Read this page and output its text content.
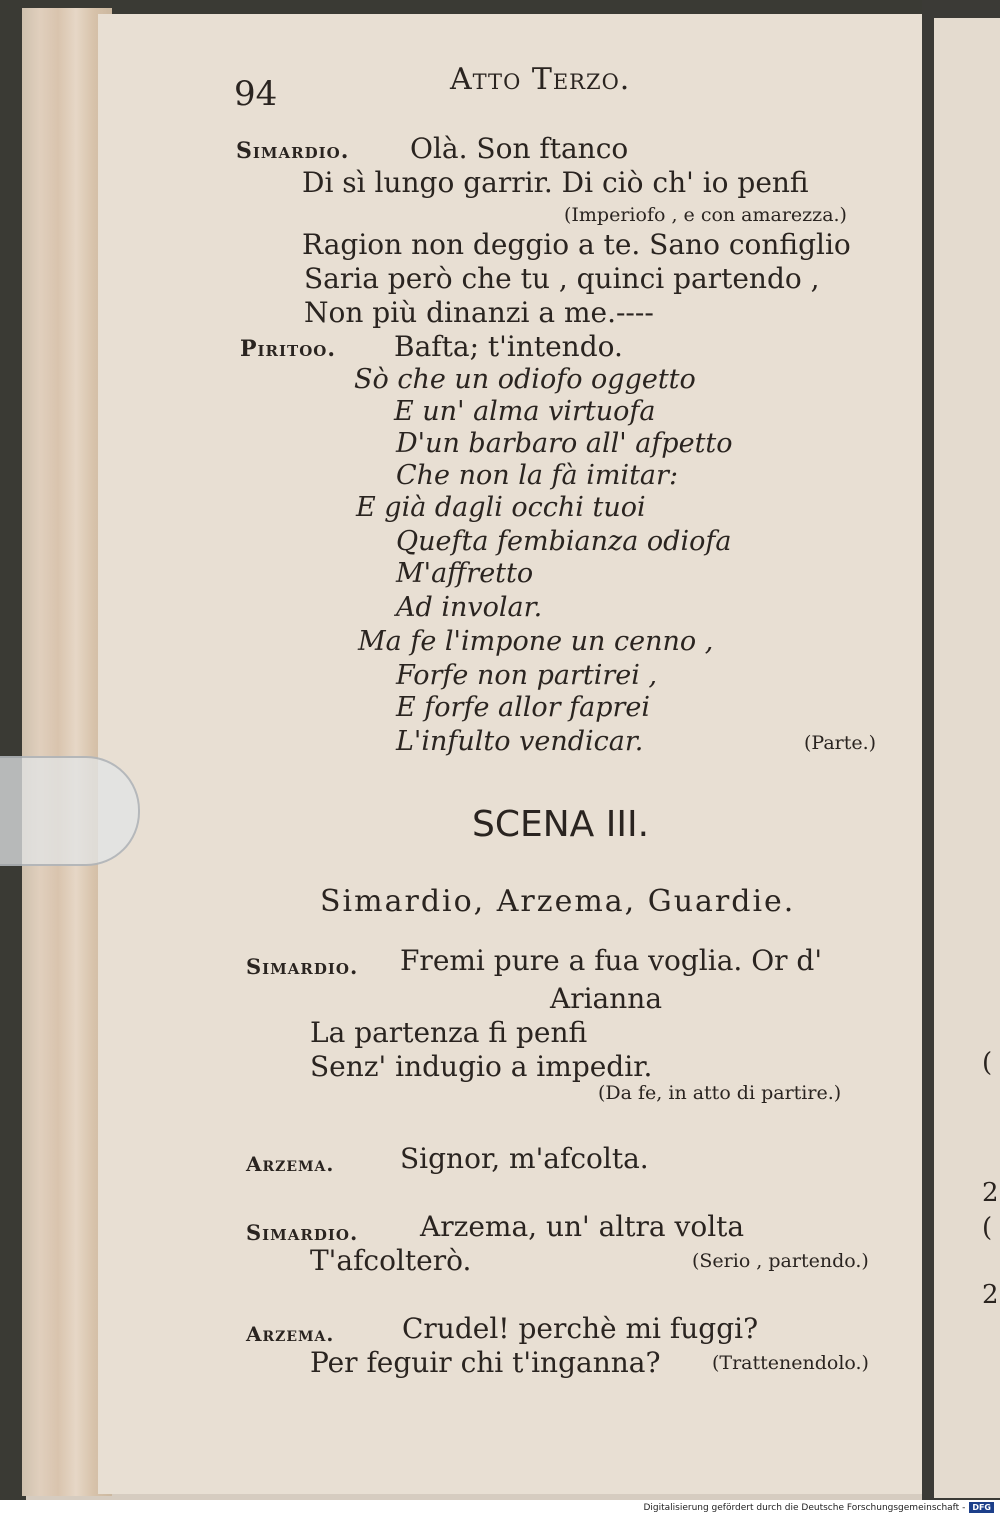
(
2
(
2
94	Atto Terzo.
Simardio. Olà. Son ftanco
Di sì lungo garrir. Di ciò ch' io penfi
(Imperiofo , e con amarezza.)
Ragion non deggio a te. Sano configlio
Saria però che tu , quinci partendo ,
Non più dinanzi a me.----
Piritoo. Bafta; t'intendo.
Sò che un odiofo oggetto
E un' alma virtuofa
D'un barbaro all' afpetto
Che non la fà imitar:
E già dagli occhi tuoi
Quefta fembianza odiofa
M'affretto
Ad involar.
Ma fe l'impone un cenno ,
Forfe non partirei ,
E forfe allor faprei
L'infulto vendicar.	(Parte.)
SCENA III.
Simardio, Arzema, Guardie.
Simardio. Fremi pure a fua voglia. Or d'
Arianna
La partenza fi penfi
Senz' indugio a impedir.
(Da fe, in atto di partire.)
Arzema. Signor, m'afcolta.
Simardio. Arzema, un' altra volta
T'afcolterò.	(Serio , partendo.)
Arzema. Crudel! perchè mi fuggi?
Per feguir chi t'inganna?	(Trattenendolo.)
Digitalisierung gefördert durch die Deutsche Forschungsgemeinschaft - DFG
